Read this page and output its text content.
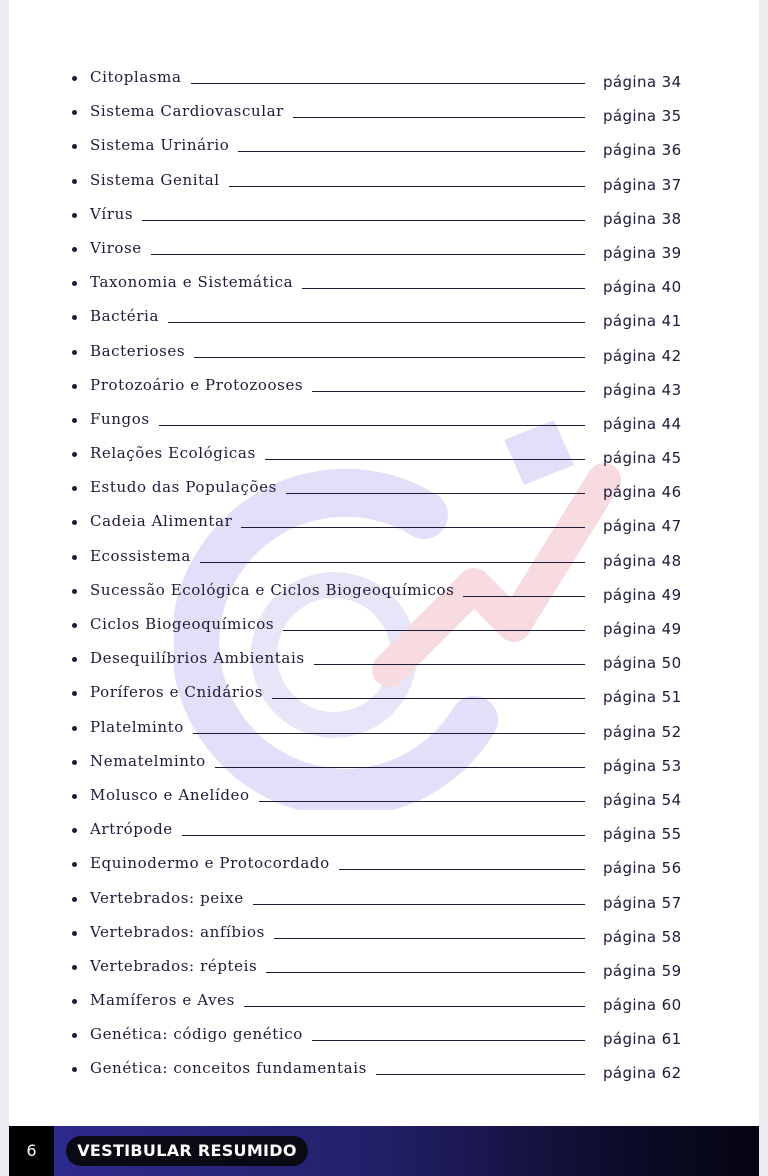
Citoplasma	página 34
Sistema Cardiovascular	página 35
Sistema Urinário	página 36
Sistema Genital	página 37
Vírus	página 38
Virose	página 39
Taxonomia e Sistemática	página 40
Bactéria	página 41
Bacterioses	página 42
Protozoário e Protozooses	página 43
Fungos	página 44
Relações Ecológicas	página 45
Estudo das Populações	página 46
Cadeia Alimentar	página 47
Ecossistema	página 48
Sucessão Ecológica e Ciclos Biogeoquímicos	página 49
Ciclos Biogeoquímicos	página 49
Desequilíbrios Ambientais	página 50
Poríferos e Cnidários	página 51
Platelminto	página 52
Nematelminto	página 53
Molusco e Anelídeo	página 54
Artrópode	página 55
Equinodermo e Protocordado	página 56
Vertebrados: peixe	página 57
Vertebrados: anfíbios	página 58
Vertebrados: répteis	página 59
Mamíferos e Aves	página 60
Genética: código genético	página 61
Genética: conceitos fundamentais	página 62
6	VESTIBULAR RESUMIDO
